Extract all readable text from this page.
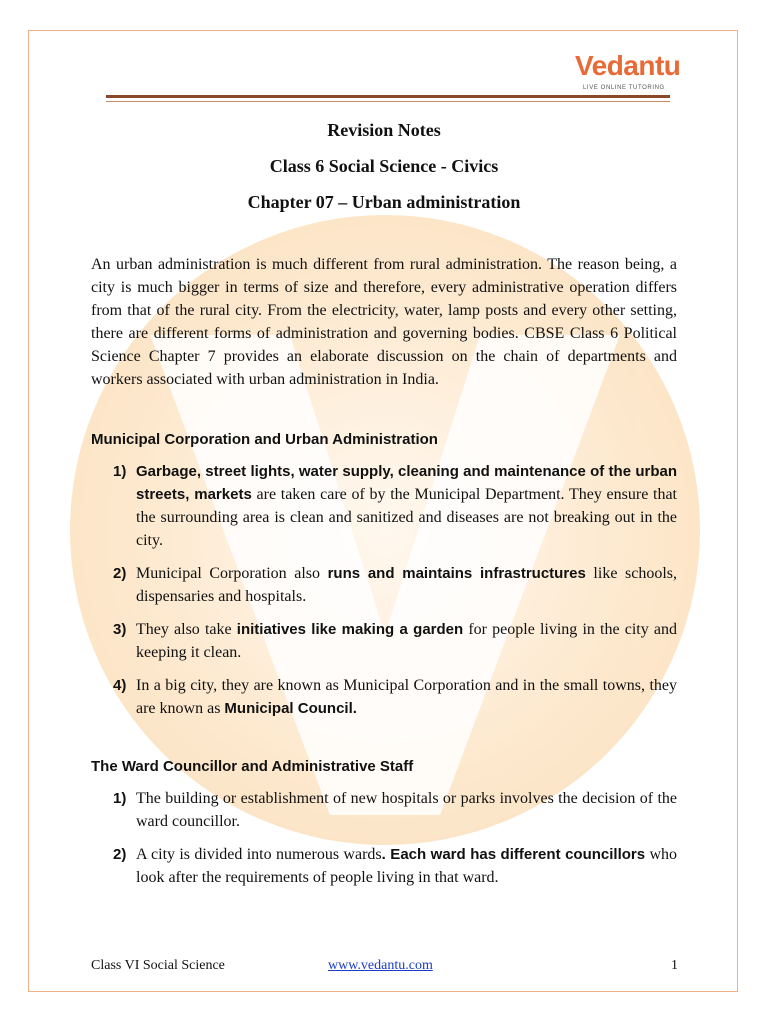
Vedantu
LIVE ONLINE TUTORING
Revision Notes
Class 6 Social Science - Civics
Chapter 07 – Urban administration

An urban administration is much different from rural administration. The reason being, a city is much bigger in terms of size and therefore, every administrative operation differs from that of the rural city. From the electricity, water, lamp posts and every other setting, there are different forms of administration and governing bodies. CBSE Class 6 Political Science Chapter 7 provides an elaborate discussion on the chain of departments and workers associated with urban administration in India.

Municipal Corporation and Urban Administration
1) Garbage, street lights, water supply, cleaning and maintenance of the urban streets, markets are taken care of by the Municipal Department. They ensure that the surrounding area is clean and sanitized and diseases are not breaking out in the city.
2) Municipal Corporation also runs and maintains infrastructures like schools, dispensaries and hospitals.
3) They also take initiatives like making a garden for people living in the city and keeping it clean.
4) In a big city, they are known as Municipal Corporation and in the small towns, they are known as Municipal Council.
The Ward Councillor and Administrative Staff
1) The building or establishment of new hospitals or parks involves the decision of the ward councillor.
2) A city is divided into numerous wards. Each ward has different councillors who look after the requirements of people living in that ward.
Class VI Social Science	www.vedantu.com	1
